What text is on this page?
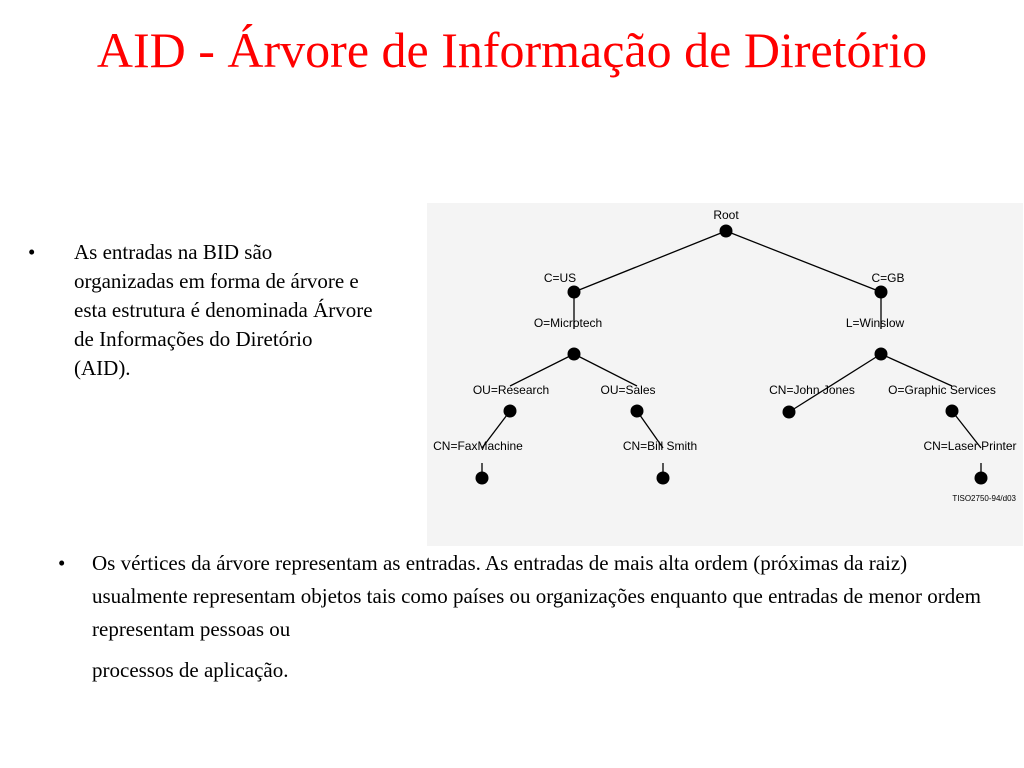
AID - Árvore de Informação de Diretório
•	As entradas na BID são organizadas em forma de árvore e esta estrutura é denominada Árvore de Informações do Diretório (AID).
Root
C=US	C=GB
O=Microtech	L=Winslow
OU=Research	OU=Sales	CN=John Jones	O=Graphic Services
CN=FaxMachine	CN=Bill Smith	CN=Laser Printer
TISO2750-94/d03
•	Os vértices da árvore representam as entradas. As entradas de mais alta ordem (próximas da raiz) usualmente representam objetos tais como países ou organizações enquanto que entradas de menor ordem representam pessoas ou
processos de aplicação.
